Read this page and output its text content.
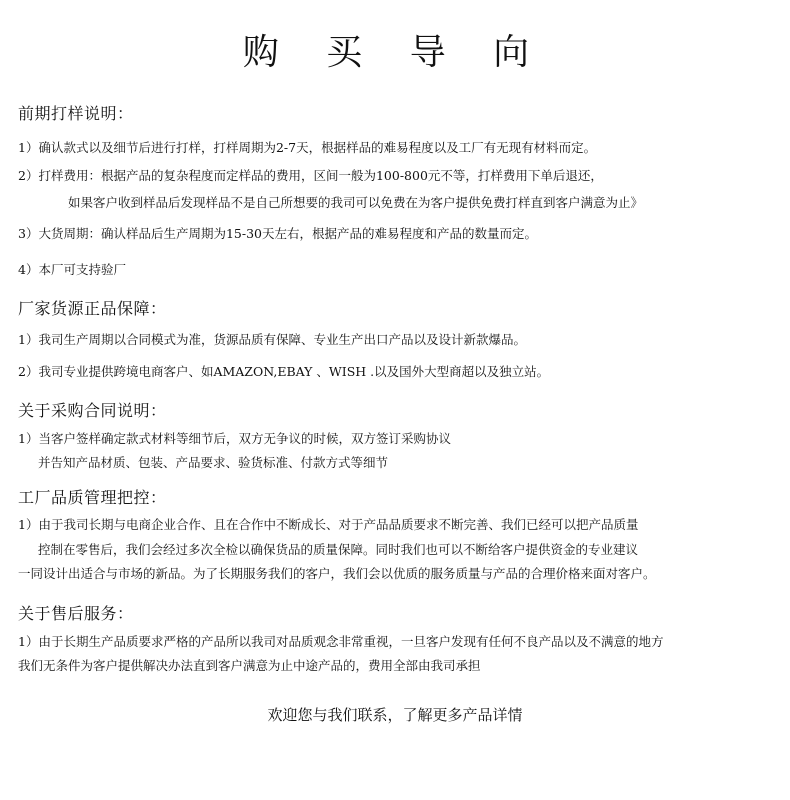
购 买 导 向
前期打样说明：
1）确认款式以及细节后进行打样，打样周期为2-7天，根据样品的难易程度以及工厂有无现有材料而定。
2）打样费用：根据产品的复杂程度而定样品的费用，区间一般为100-800元不等，打样费用下单后退还，
如果客户收到样品后发现样品不是自己所想要的我司可以免费在为客户提供免费打样直到客户满意为止》
3）大货周期：确认样品后生产周期为15-30天左右，根据产品的难易程度和产品的数量而定。
4）本厂可支持验厂
厂家货源正品保障：
1）我司生产周期以合同模式为准，货源品质有保障、专业生产出口产品以及设计新款爆品。
2）我司专业提供跨境电商客户、如AMAZON,EBAY 、WISH .以及国外大型商超以及独立站。
关于采购合同说明：
1）当客户签样确定款式材料等细节后，双方无争议的时候，双方签订采购协议
并告知产品材质、包装、产品要求、验货标准、付款方式等细节
工厂品质管理把控：
1）由于我司长期与电商企业合作、且在合作中不断成长、对于产品品质要求不断完善、我们已经可以把产品质量
控制在零售后，我们会经过多次全检以确保货品的质量保障。同时我们也可以不断给客户提供资金的专业建议
一同设计出适合与市场的新品。为了长期服务我们的客户，我们会以优质的服务质量与产品的合理价格来面对客户。
关于售后服务：
1）由于长期生产品质要求严格的产品所以我司对品质观念非常重视，一旦客户发现有任何不良产品以及不满意的地方
我们无条件为客户提供解决办法直到客户满意为止中途产品的，费用全部由我司承担
欢迎您与我们联系，了解更多产品详情
